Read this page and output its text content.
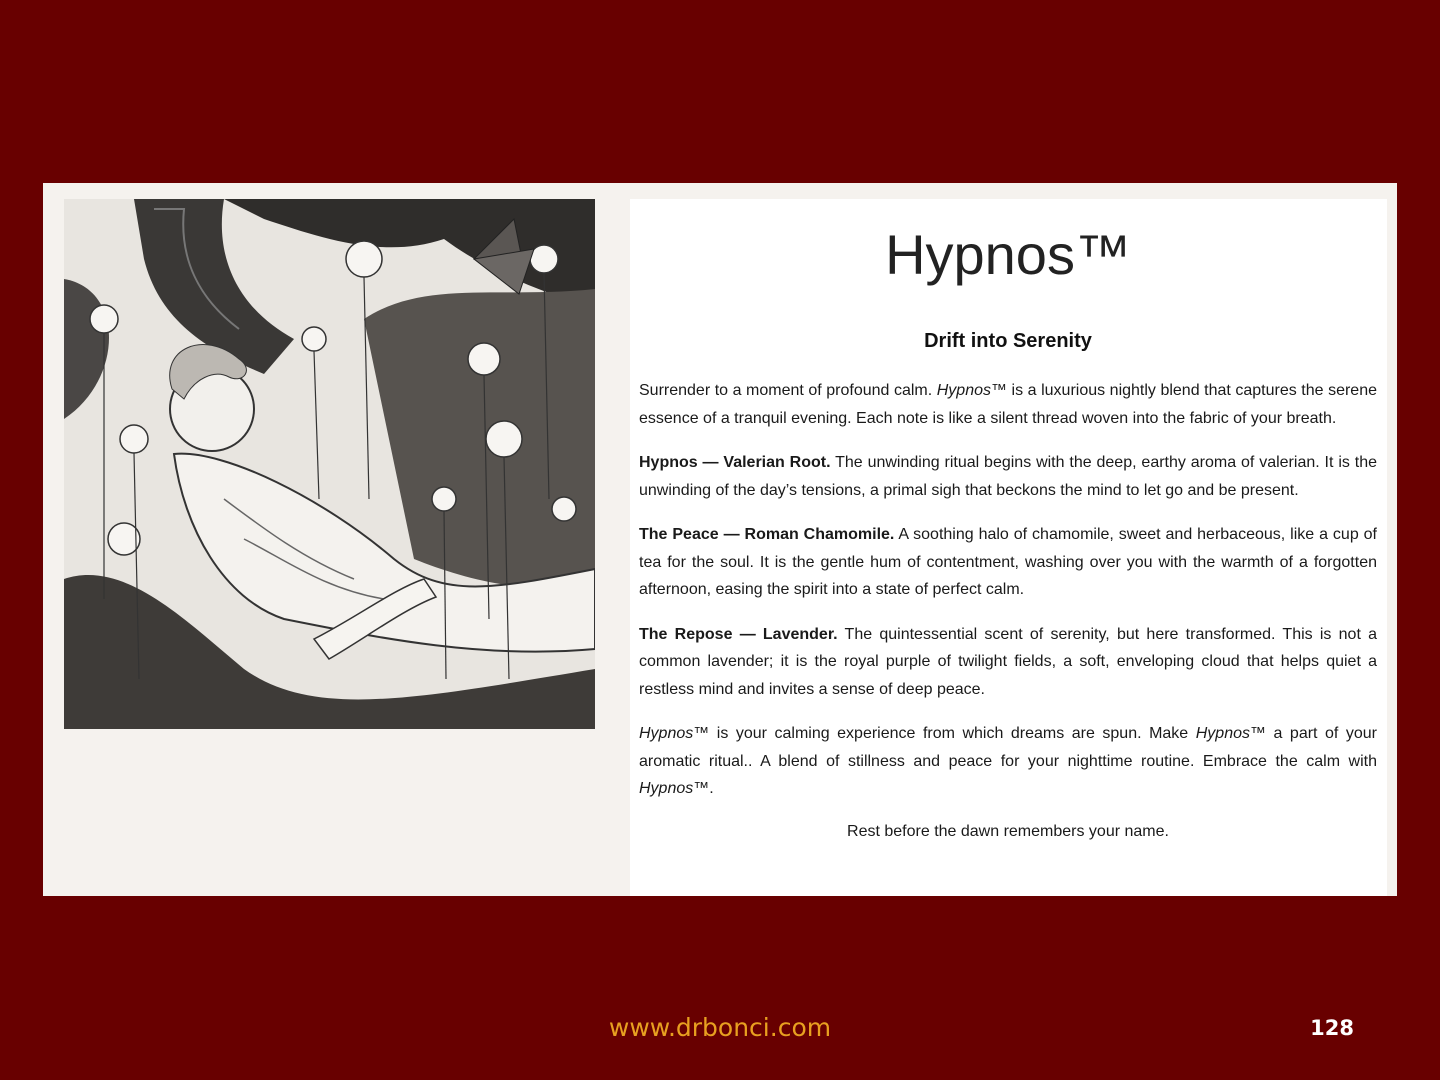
Hypnos™
Drift into Serenity

Surrender to a moment of profound calm. Hypnos™ is a luxurious nightly blend that captures the serene essence of a tranquil evening. Each note is like a silent thread woven into the fabric of your breath.

Hypnos — Valerian Root. The unwinding ritual begins with the deep, earthy aroma of valerian. It is the unwinding of the day’s tensions, a primal sigh that beckons the mind to let go and be present.

The Peace — Roman Chamomile. A soothing halo of chamomile, sweet and herbaceous, like a cup of tea for the soul. It is the gentle hum of contentment, washing over you with the warmth of a forgotten afternoon, easing the spirit into a state of perfect calm.

The Repose — Lavender. The quintessential scent of serenity, but here transformed. This is not a common lavender; it is the royal purple of twilight fields, a soft, enveloping cloud that helps quiet a restless mind and invites a sense of deep peace.

Hypnos™ is your calming experience from which dreams are spun. Make Hypnos™ a part of your aromatic ritual.. A blend of stillness and peace for your nighttime routine. Embrace the calm with Hypnos™.

Rest before the dawn remembers your name.

www.drbonci.com	128
